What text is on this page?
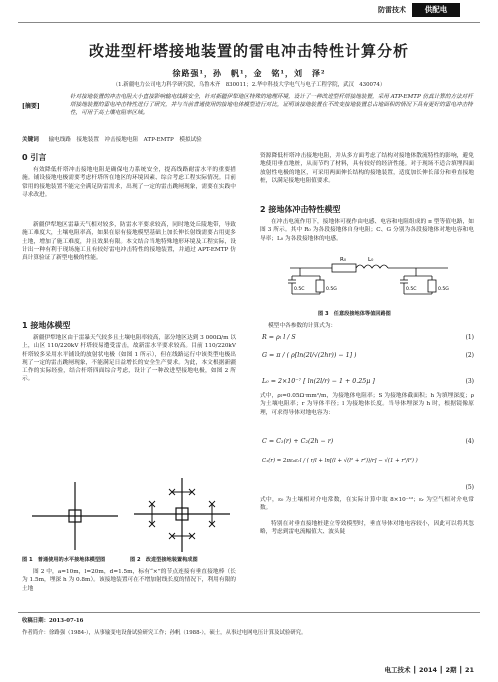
防雷技术	供配电
改进型杆塔接地装置的雷电冲击特性计算分析
徐路强¹，孙　帆¹，金　铭¹，刘　泽²
（1.新疆电力公司电力科学研究院，乌鲁木齐　830011；2.华中科技大学电气与电子工程学院，武汉　430074）
[摘要]
针对接地装置的冲击电阻大小直接影响输电线路安全，针对新疆伊犁地区特殊的地理环境，设计了一种改进型杆塔接地装置，采用 ATP-EMTP 仿真计算的方法对杆塔接地装置的雷电冲击特性进行了研究，并与当前普通使用的接地电体模型进行对比，证明该接地装置在不改变接地装置总占地面积的情况下具有更好的雷电冲击特性，可用于高土壤电阻率区域。
关键词 输电线路　接地装置　冲击接地电阻　ATP-EMTP　模拟试验
0 引言
有效降低杆塔冲击接地电阻是确保电力系统安全，提高线路耐雷水平的重要措施。铺设接地电极需要考虑杆塔所在地区的环境因素、综合考虑工程实际情况。目前常用的接地装置不能完全满足防雷需求，出现了一定的雷击跳闸现象，需要在实践中寻求改进。
新疆伊犁地区雷暴天气相对较多，防雷水平要求较高，同时地处丘陵地带，导致施工难度大，土壤电阻率高，如果在原有接地模型基础上加长伸长射线需要占用更多土地，增加了施工难度，并且效果有限。本文结合当地特殊地形环境及工程实际，设计出一种有利于现场施工且有较好雷电冲击特性的接地装置，并通过 APT-EMTP 仿真计算验证了新型电极的性能。
1 接地体模型
新疆伊犁地区由于雷暴天气较多且土壤电阻率较高，部分地区达到 3 000Ω/m 以上，山区 110/220kV 杆塔较易遭受雷击，故新雷水平要求较高。目前 110/220kV 杆塔较多采用水平铺设的放射状电极（如图 1 所示），但在线路运行中该类型电极出现了一定的雷击跳闸现象，不能满足日益增长的安全生产要求。为此，本文根据新疆工作的实际经验，结合杆塔四面综合考虑，设计了一种改进型接地电极，如图 2 所示。
图 1　普通使用的水平接地体模型图	图 2　改进型接地装置构成图
图 2 中，a=10m，l=20m，d=1.5m，标有“×”的节点连接有垂直接地棒（长为 1.5m，埋深 h 为 0.8m）。该接地装置可在不增加射线长度的情况下，利用有限的土地
资源降低杆塔冲击接地电阻，并从多方面考虑了结构对接地体散流特性的影响，避免地使用垂直地桩，从而节约了材料，具有较好的经济性能。对于现场不适合填埋四面放射性电极的地区，可采用两面伸长结构的接地装置，适度加长伸长部分和垂直接地桩，以满足接地电阻值要求。
2 接地体冲击特性模型
在冲击电流作用下，接地体可视作由电感、电容和电阻组成的 π 型等值电路，如图 3 所示。其中 R₀ 为各段接地体自身电阻；C、G 分别为各段接地体对地电容和电导率；L₀ 为各段接地体的电感。
R₀	L₀
0.5C	0.5G	0.5C	0.5G
图 3　任意段接地体等值回路图
模型中各参数的计算式为：
R = ρₗ l / S	(1)
G = π / ( ρ[ln(2l/√(2hr)) − 1] )	(2)
L₀ = 2×10⁻⁷ [ ln(2l/r) − 1 + 0.25μ ]	(3)
式中，ρₗ=0.05Ω·mm²/m，为接地体电阻率；S 为接地体截面积；h 为填埋深度；ρ 为土壤电阻率；r 为导体半径；l 为接地体长度。当导体埋深为 h 时，根据镜像原理，可求得导体对地电容为：
C = C₁(r) + C₂(2h − r)	(4)
C₁(r) = 2πε₀εᵣl / ( r/l + ln[(l + √(l² + r²))/r] − √(1 + r²/l²) )
(5)
式中，ε₀ 为土壤相对介电常数，在实际计算中取 8×10⁻¹²；εᵣ 为空气相对介电常数。
特别在对垂直接地桩建立等效模型时，垂直导体对地电容较小，因此可以将其忽略，考虑到雷电流幅值大、波头陡
收稿日期：2013-07-16
作者简介：徐路强（1984-），从事输变电设备试验研究工作；孙帆（1988-），硕士，从事过电网电压计算及试验研究。
电工技术 ┃ 2014 ┃ 2期 ┃ 21
